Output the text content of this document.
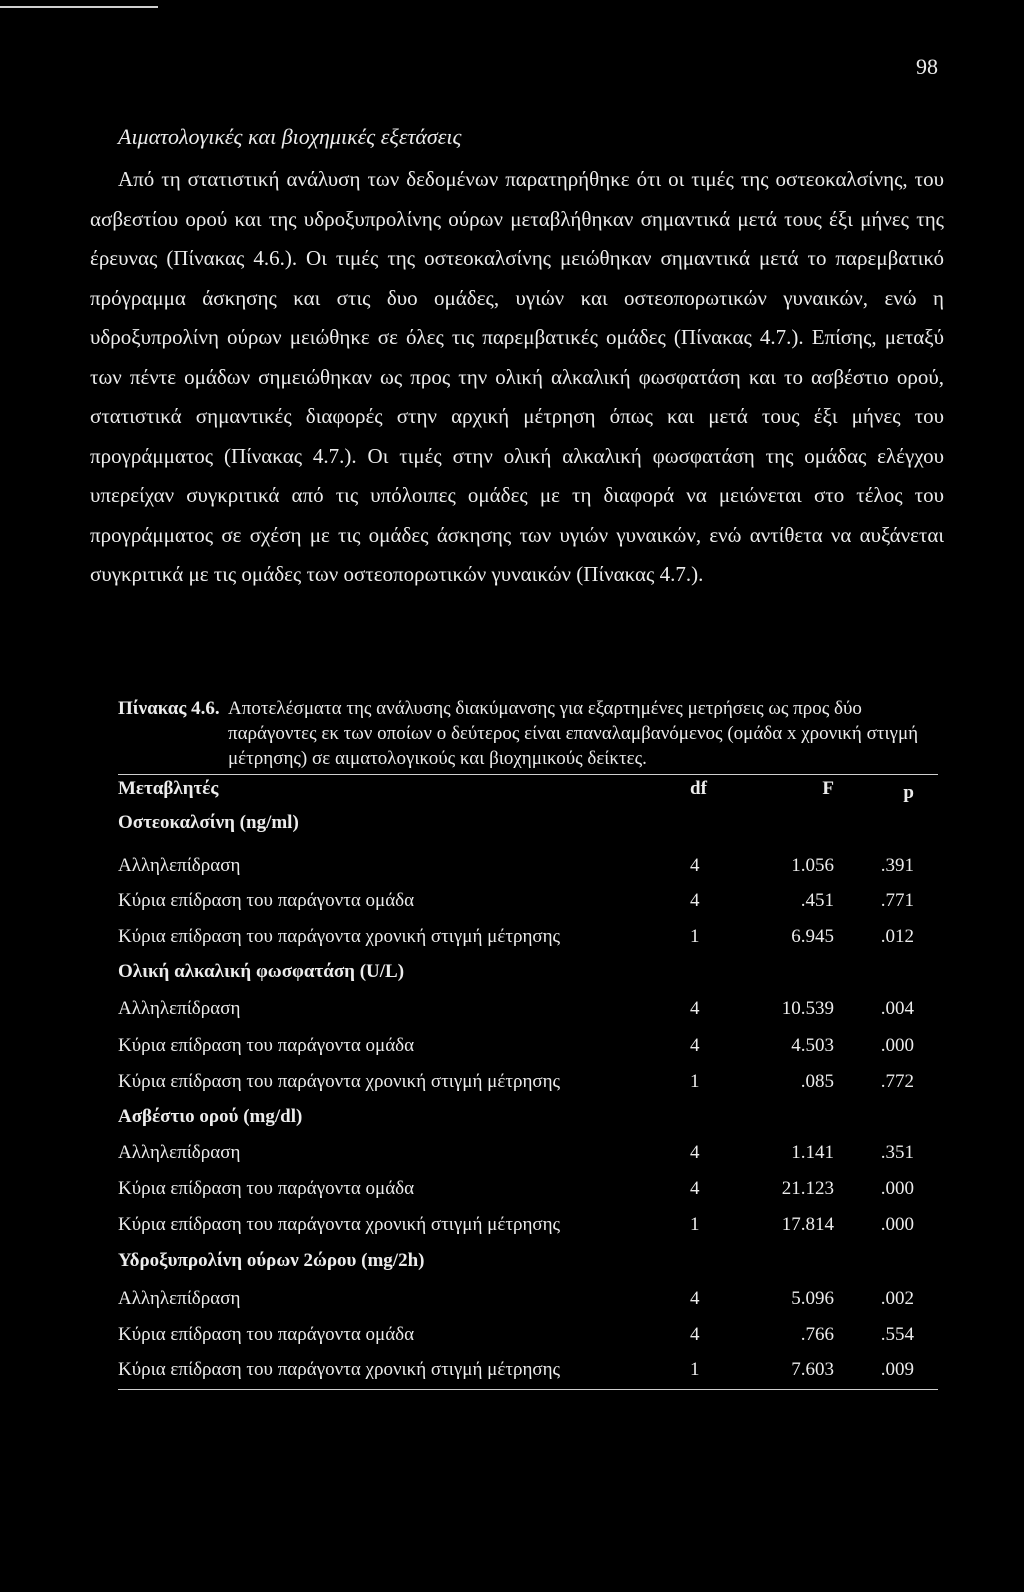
98
Αιματολογικές και βιοχημικές εξετάσεις

Από τη στατιστική ανάλυση των δεδομένων παρατηρήθηκε ότι οι τιμές της οστεοκαλσίνης, του ασβεστίου ορού και της υδροξυπρολίνης ούρων μεταβλήθηκαν σημαντικά μετά τους έξι μήνες της έρευνας (Πίνακας 4.6.). Οι τιμές της οστεοκαλσίνης μειώθηκαν σημαντικά μετά το παρεμβατικό πρόγραμμα άσκησης και στις δυο ομάδες, υγιών και οστεοπορωτικών γυναικών, ενώ η υδροξυπρολίνη ούρων μειώθηκε σε όλες τις παρεμβατικές ομάδες (Πίνακας 4.7.). Επίσης, μεταξύ των πέντε ομάδων σημειώθηκαν ως προς την ολική αλκαλική φωσφατάση και το ασβέστιο ορού, στατιστικά σημαντικές διαφορές στην αρχική μέτρηση όπως και μετά τους έξι μήνες του προγράμματος (Πίνακας 4.7.). Οι τιμές στην ολική αλκαλική φωσφατάση της ομάδας ελέγχου υπερείχαν συγκριτικά από τις υπόλοιπες ομάδες με τη διαφορά να μειώνεται στο τέλος του προγράμματος σε σχέση με τις ομάδες άσκησης των υγιών γυναικών, ενώ αντίθετα να αυξάνεται συγκριτικά με τις ομάδες των οστεοπορωτικών γυναικών (Πίνακας 4.7.).

Πίνακας 4.6. Αποτελέσματα της ανάλυσης διακύμανσης για εξαρτημένες μετρήσεις ως προς δύο παράγοντες εκ των οποίων ο δεύτερος είναι επαναλαμβανόμενος (ομάδα x χρονική στιγμή μέτρησης) σε αιματολογικούς και βιοχημικούς δείκτες.

Μεταβλητές	df	F	p
Οστεοκαλσίνη (ng/ml)
Αλληλεπίδραση	4	1.056 .391
Κύρια επίδραση του παράγοντα ομάδα	4	.451 .771
Κύρια επίδραση του παράγοντα χρονική στιγμή μέτρησης	1	6.945 .012
Ολική αλκαλική φωσφατάση (U/L)
Αλληλεπίδραση	4	10.539 .004
Κύρια επίδραση του παράγοντα ομάδα	4	4.503 .000
Κύρια επίδραση του παράγοντα χρονική στιγμή μέτρησης	1	.085 .772
Ασβέστιο ορού (mg/dl)
Αλληλεπίδραση	4	1.141 .351
Κύρια επίδραση του παράγοντα ομάδα	4	21.123 .000
Κύρια επίδραση του παράγοντα χρονική στιγμή μέτρησης	1	17.814 .000
Υδροξυπρολίνη ούρων 2ώρου (mg/2h)
Αλληλεπίδραση	4	5.096 .002
Κύρια επίδραση του παράγοντα ομάδα	4	.766 .554
Κύρια επίδραση του παράγοντα χρονική στιγμή μέτρησης	1	7.603 .009
